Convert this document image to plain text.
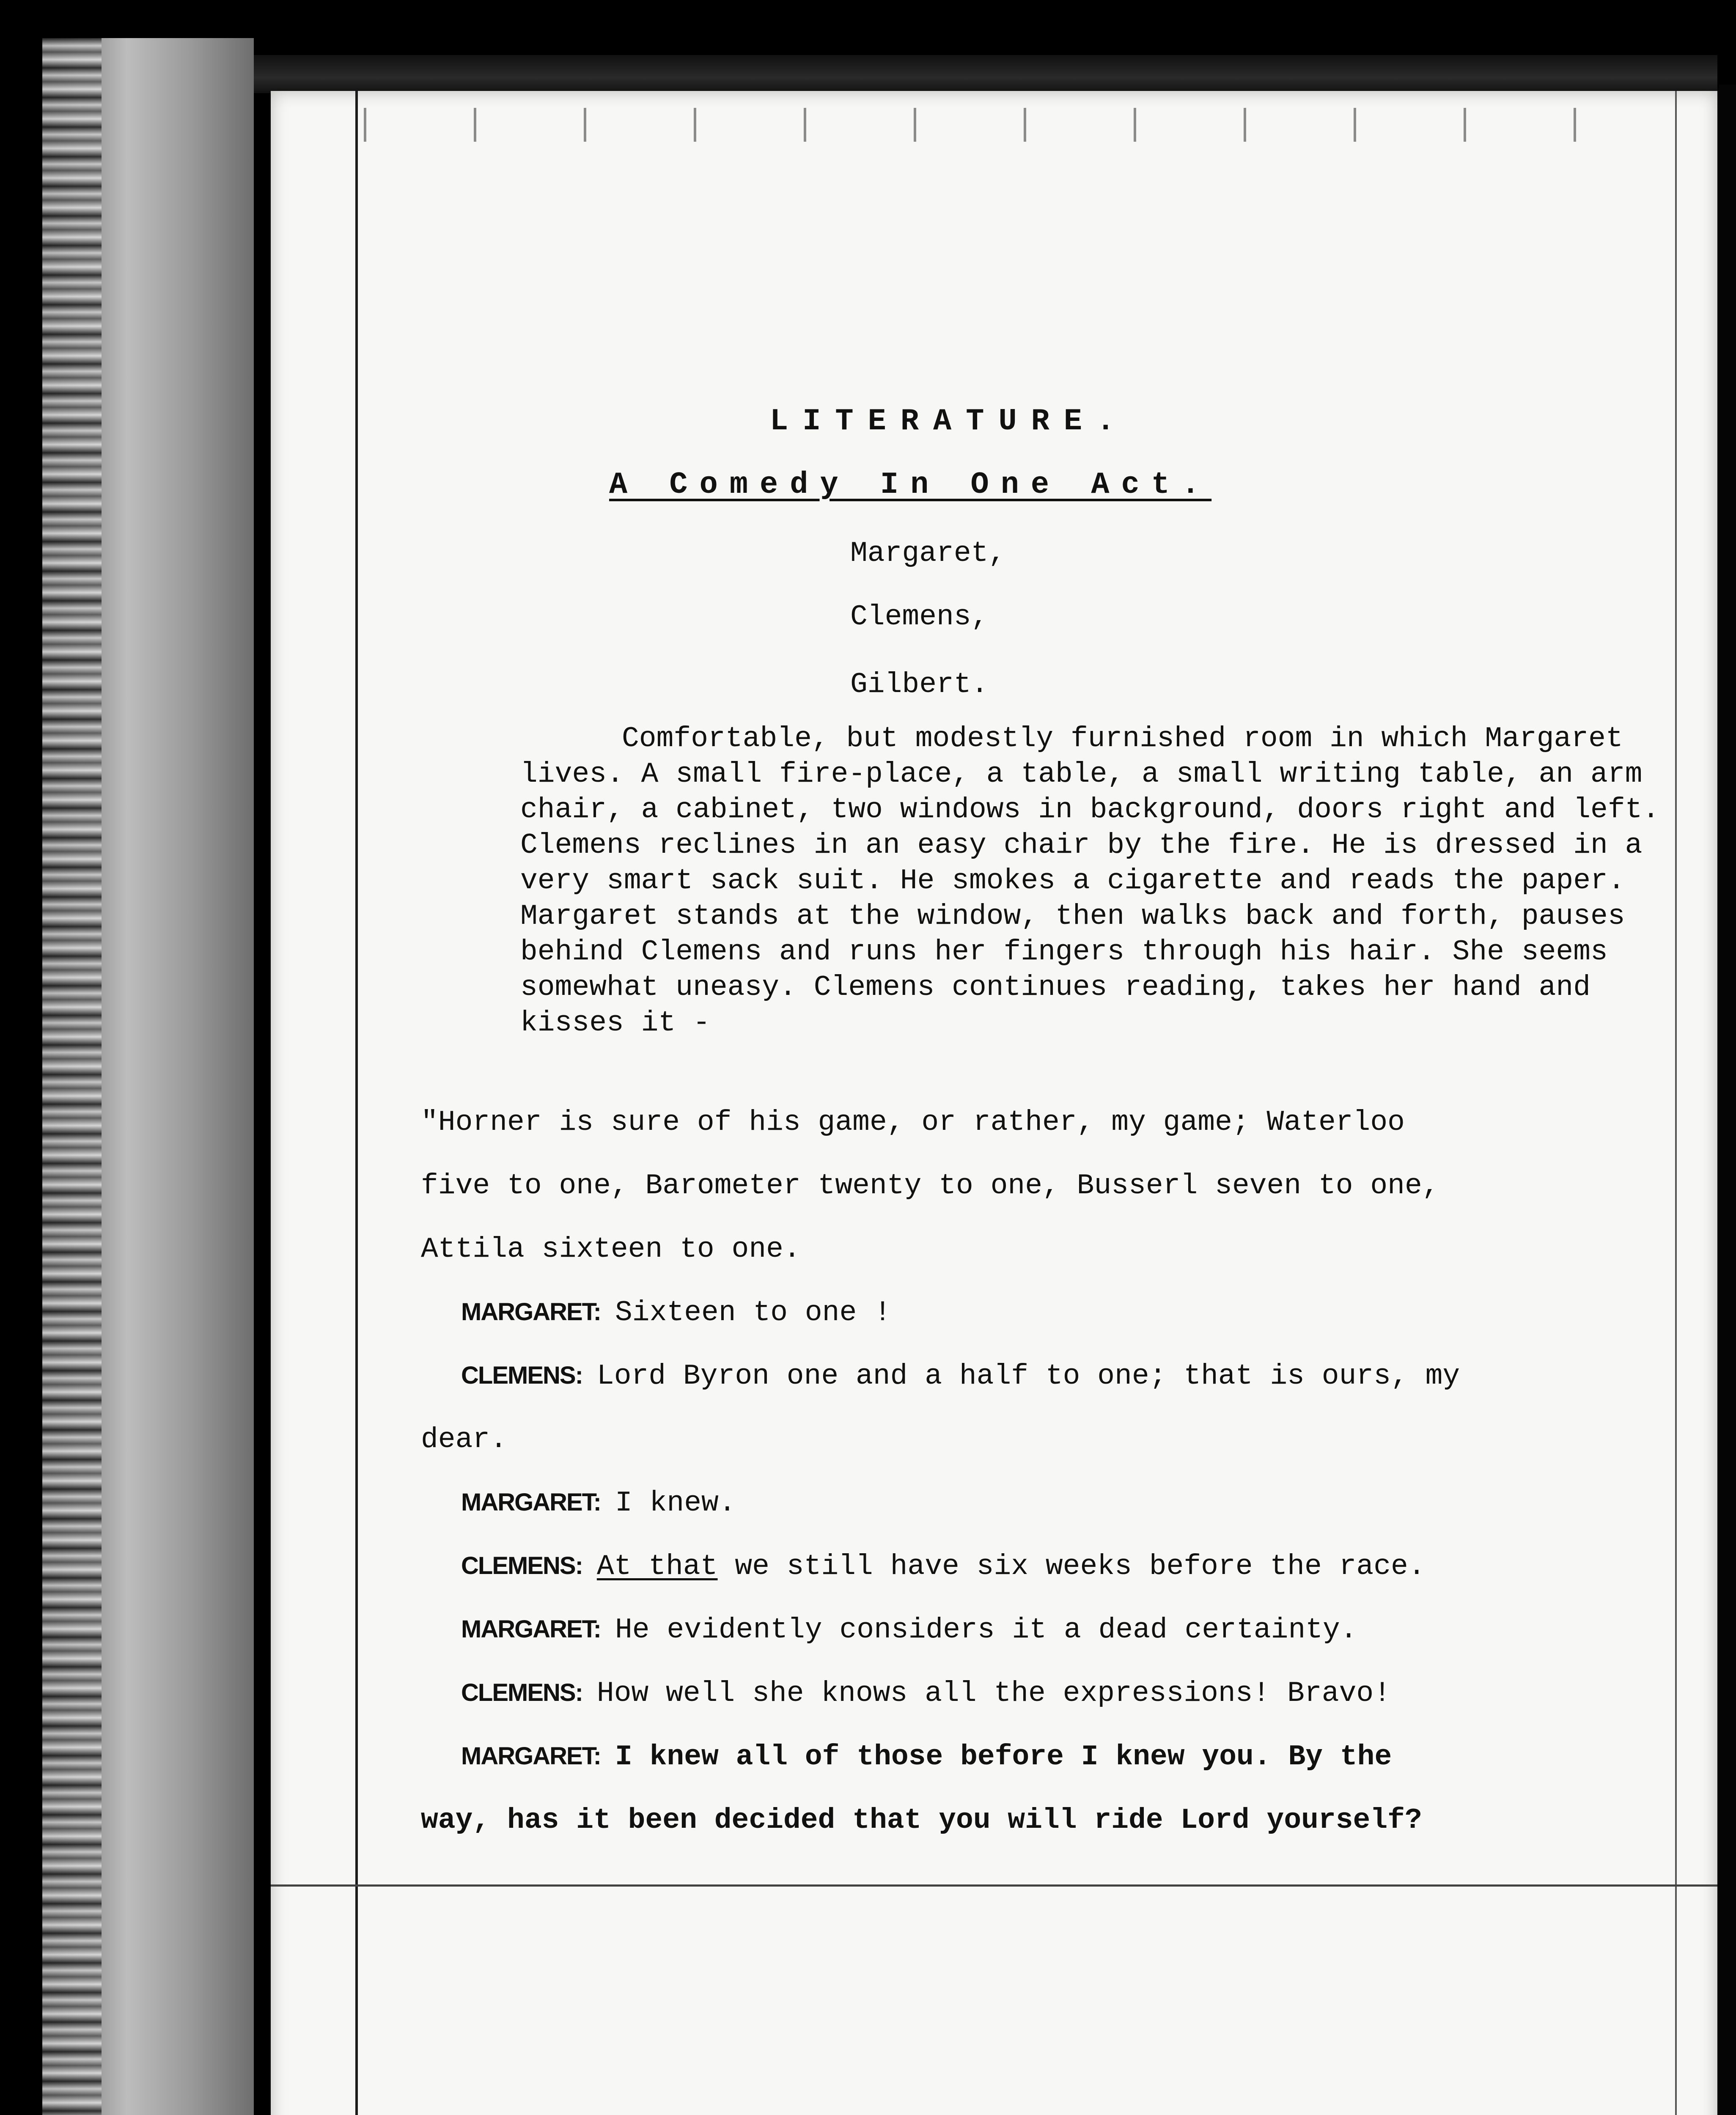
LITERATURE.
A Comedy In One Act.
Margaret,
Clemens,
Gilbert.
Comfortable, but modestly furnished room in which Margaret lives. A small fire-place, a table, a small writing table, an arm chair, a cabinet, two windows in background, doors right and left. Clemens reclines in an easy chair by the fire. He is dressed in a very smart sack suit. He smokes a cigarette and reads the paper. Margaret stands at the window, then walks back and forth, pauses behind Clemens and runs her fingers through his hair. She seems somewhat uneasy. Clemens continues reading, takes her hand and kisses it -
"Horner is sure of his game, or rather, my game; Waterloo
five to one, Barometer twenty to one, Busserl seven to one,
Attila sixteen to one.
MARGARET: Sixteen to one !
CLEMENS: Lord Byron one and a half to one; that is ours, my
dear.
MARGARET: I knew.
CLEMENS: At that we still have six weeks before the race.
MARGARET: He evidently considers it a dead certainty.
CLEMENS: How well she knows all the expressions! Bravo!
MARGARET: I knew all of those before I knew you. By the
way, has it been decided that you will ride Lord yourself?
